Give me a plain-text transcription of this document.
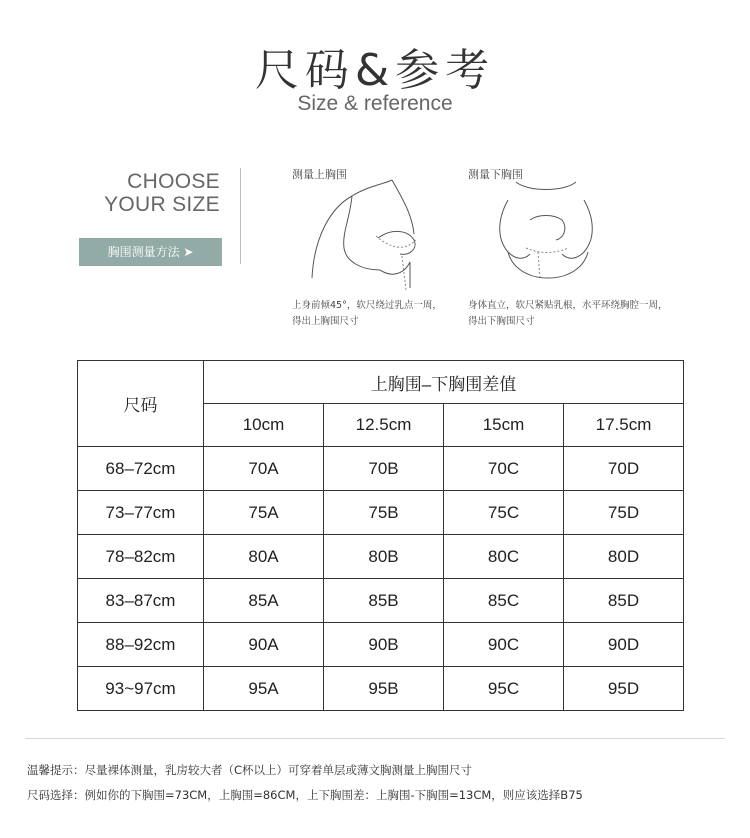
尺码&参考
Size & reference
CHOOSE
YOUR SIZE
胸围测量方法 ➤
测量上胸围
上身前倾45°，软尺绕过乳点一周，
得出上胸围尺寸
测量下胸围
身体直立，软尺紧贴乳根，水平环绕胸腔一周，
得出下胸围尺寸
尺码	上胸围–下胸围差值			
	10cm	12.5cm	15cm	17.5cm
68–72cm	70A	70B	70C	70D
73–77cm	75A	75B	75C	75D
78–82cm	80A	80B	80C	80D
83–87cm	85A	85B	85C	85D
88–92cm	90A	90B	90C	90D
93~97cm	95A	95B	95C	95D
温馨提示：尽量裸体测量，乳房较大者（C杯以上）可穿着单层或薄文胸测量上胸围尺寸
尺码选择：例如你的下胸围=73CM，上胸围=86CM，上下胸围差：上胸围-下胸围=13CM，则应该选择B75
